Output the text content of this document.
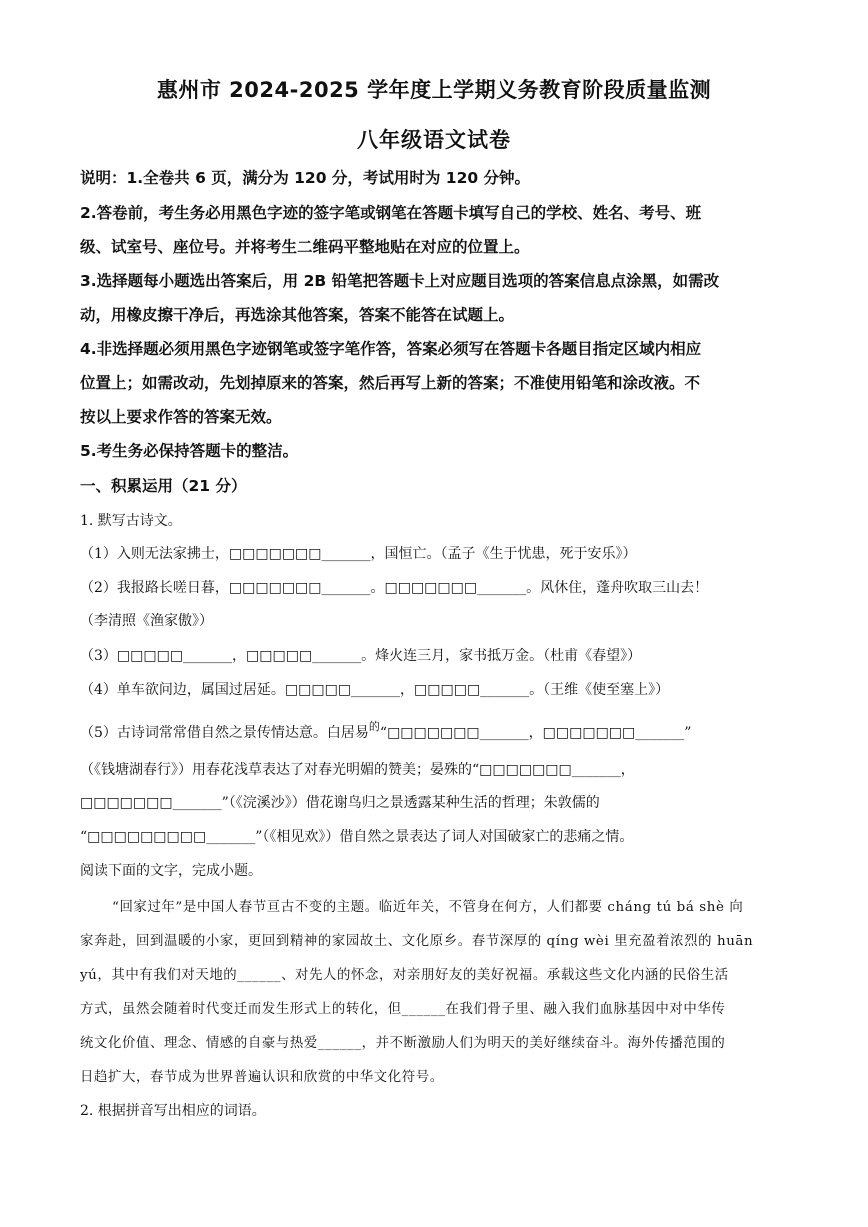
惠州市 2024-2025 学年度上学期义务教育阶段质量监测
八年级语文试卷
说明：1.全卷共 6 页，满分为 120 分，考试用时为 120 分钟。
2.答卷前，考生务必用黑色字迹的签字笔或钢笔在答题卡填写自己的学校、姓名、考号、班
级、试室号、座位号。并将考生二维码平整地贴在对应的位置上。
3.选择题每小题选出答案后，用 2B 铅笔把答题卡上对应题目选项的答案信息点涂黑，如需改
动，用橡皮擦干净后，再选涂其他答案，答案不能答在试题上。
4.非选择题必须用黑色字迹钢笔或签字笔作答，答案必须写在答题卡各题目指定区域内相应
位置上；如需改动，先划掉原来的答案，然后再写上新的答案；不准使用铅笔和涂改液。不
按以上要求作答的答案无效。
5.考生务必保持答题卡的整洁。
一、积累运用（21 分）
1. 默写古诗文。
（1）入则无法家拂士，□□□□□□□_______，国恒亡。（孟子《生于忧患，死于安乐》）
（2）我报路长嗟日暮，□□□□□□□_______。□□□□□□□_______。风休住，蓬舟吹取三山去！
（李清照《渔家傲》）
（3）□□□□□_______，□□□□□_______。烽火连三月，家书抵万金。（杜甫《春望》）
（4）单车欲问边，属国过居延。□□□□□_______，□□□□□_______。（王维《使至塞上》）
（5）古诗词常常借自然之景传情达意。白居易$^的$“□□□□□□□_______，□□□□□□□_______”
（《钱塘湖春行》）用春花浅草表达了对春光明媚的赞美；晏殊的“□□□□□□□_______，
□□□□□□□_______”（《浣溪沙》）借花谢鸟归之景透露某种生活的哲理；朱敦儒的
“□□□□□□□□□_______”（《相见欢》）借自然之景表达了词人对国破家亡的悲痛之情。
阅读下面的文字，完成小题。
“回家过年”是中国人春节亘古不变的主题。临近年关，不管身在何方，人们都要 cháng tú bá shè 向
家奔赴，回到温暖的小家，更回到精神的家园故土、文化原乡。春节深厚的 qíng wèi 里充盈着浓烈的 huān
yú，其中有我们对天地的______、对先人的怀念，对亲朋好友的美好祝福。承载这些文化内涵的民俗生活
方式，虽然会随着时代变迁而发生形式上的转化，但______在我们骨子里、融入我们血脉基因中对中华传
统文化价值、理念、情感的自豪与热爱______，并不断激励人们为明天的美好继续奋斗。海外传播范围的
日趋扩大，春节成为世界普遍认识和欣赏的中华文化符号。
2. 根据拼音写出相应的词语。
